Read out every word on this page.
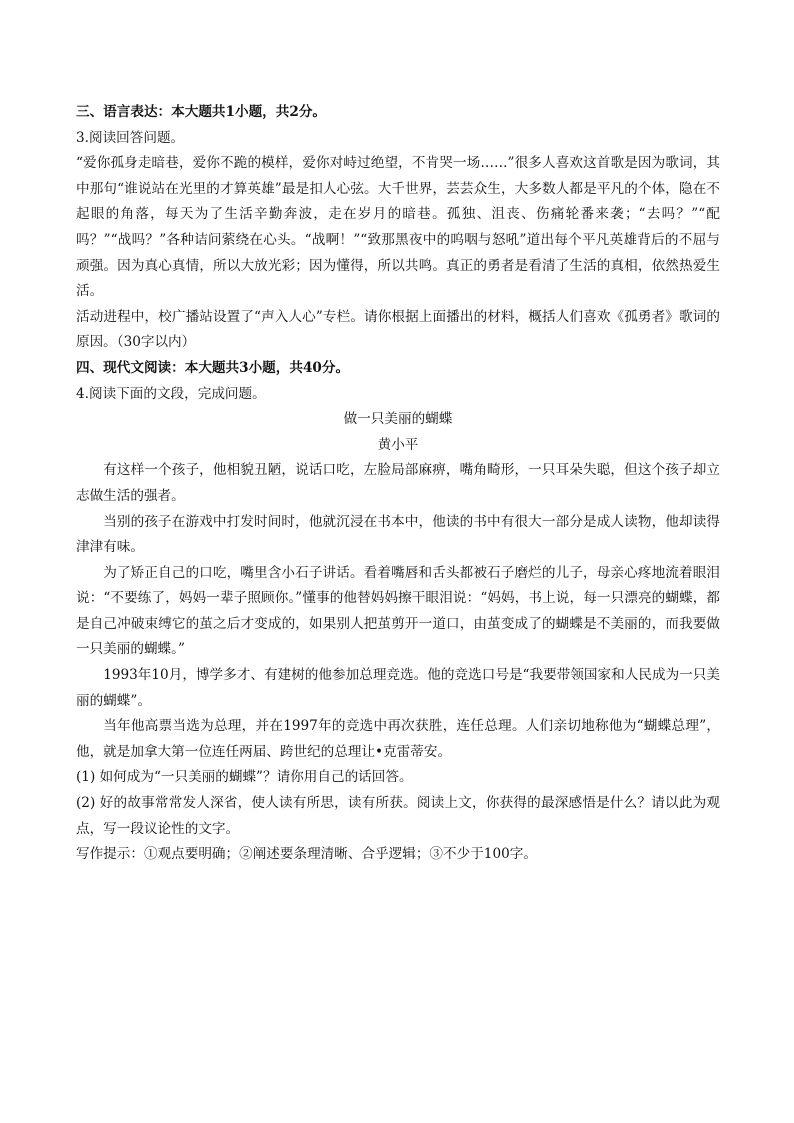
三、语言表达：本大题共1小题，共2分。

3.阅读回答问题。

“爱你孤身走暗巷，爱你不跪的模样，爱你对峙过绝望，不肯哭一场……”很多人喜欢这首歌是因为歌词，其中那句“谁说站在光里的才算英雄”最是扣人心弦。大千世界，芸芸众生，大多数人都是平凡的个体，隐在不起眼的角落，每天为了生活辛勤奔波，走在岁月的暗巷。孤独、沮丧、伤痛轮番来袭；“去吗？”“配吗？”“战吗？”各种诘问萦绕在心头。“战啊！”“致那黑夜中的呜咽与怒吼”道出每个平凡英雄背后的不屈与顽强。因为真心真情，所以大放光彩；因为懂得，所以共鸣。真正的勇者是看清了生活的真相，依然热爱生活。

活动进程中，校广播站设置了“声入人心”专栏。请你根据上面播出的材料，概括人们喜欢《孤勇者》歌词的原因。（30字以内）

四、现代文阅读：本大题共3小题，共40分。

4.阅读下面的文段，完成问题。

做一只美丽的蝴蝶

黄小平

有这样一个孩子，他相貌丑陋，说话口吃，左脸局部麻痹，嘴角畸形，一只耳朵失聪，但这个孩子却立志做生活的强者。

当别的孩子在游戏中打发时间时，他就沉浸在书本中，他读的书中有很大一部分是成人读物，他却读得津津有味。

为了矫正自己的口吃，嘴里含小石子讲话。看着嘴唇和舌头都被石子磨烂的儿子，母亲心疼地流着眼泪说：“不要练了，妈妈一辈子照顾你。”懂事的他替妈妈擦干眼泪说：“妈妈，书上说，每一只漂亮的蝴蝶，都是自己冲破束缚它的茧之后才变成的，如果别人把茧剪开一道口，由茧变成了的蝴蝶是不美丽的，而我要做一只美丽的蝴蝶。”

1993年10月，博学多才、有建树的他参加总理竞选。他的竞选口号是“我要带领国家和人民成为一只美丽的蝴蝶”。

当年他高票当选为总理，并在1997年的竞选中再次获胜，连任总理。人们亲切地称他为“蝴蝶总理”，他，就是加拿大第一位连任两届、跨世纪的总理让•克雷蒂安。

(1) 如何成为“一只美丽的蝴蝶”？请你用自己的话回答。

(2) 好的故事常常发人深省，使人读有所思，读有所获。阅读上文，你获得的最深感悟是什么？请以此为观点，写一段议论性的文字。

写作提示：①观点要明确；②阐述要条理清晰、合乎逻辑；③不少于100字。
